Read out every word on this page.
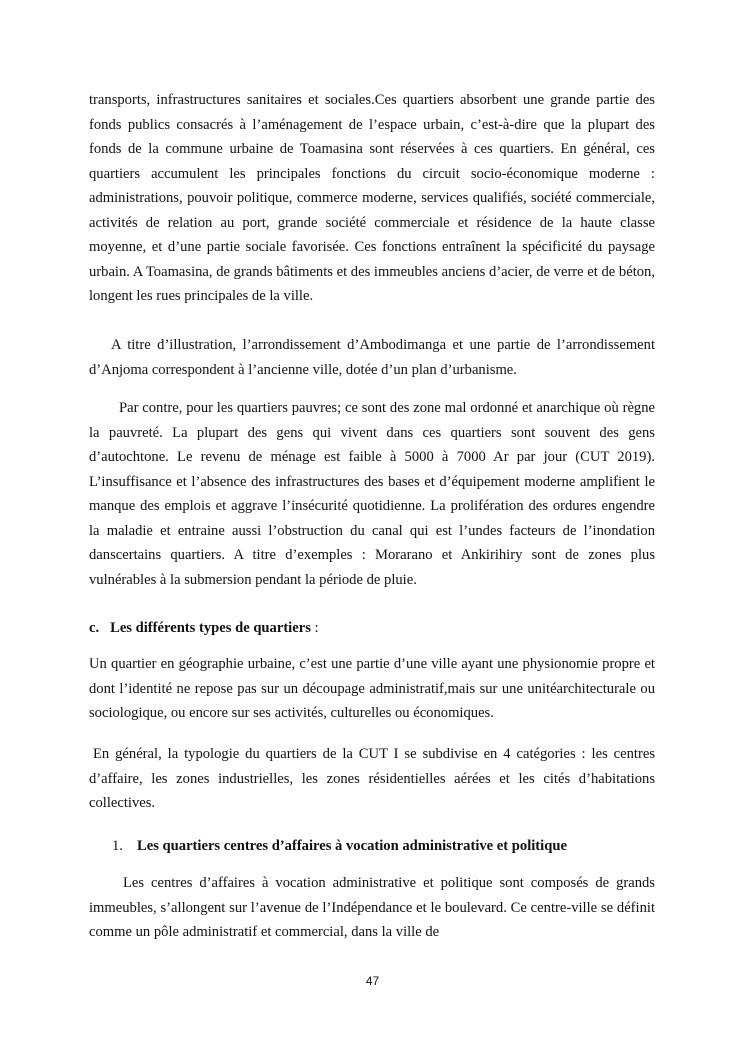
transports, infrastructures sanitaires et sociales.Ces quartiers absorbent une grande partie des fonds publics consacrés à l’aménagement de l’espace urbain, c’est-à-dire que la plupart des fonds de la commune urbaine de Toamasina sont réservées à ces quartiers. En général, ces quartiers accumulent les principales fonctions du circuit socio-économique moderne : administrations, pouvoir politique, commerce moderne, services qualifiés, société commerciale, activités de relation au port, grande société commerciale et résidence de la haute classe moyenne, et d’une partie sociale favorisée. Ces fonctions entraînent la spécificité du paysage urbain. A Toamasina, de grands bâtiments et des immeubles anciens d’acier, de verre et de béton, longent les rues principales de la ville.

A titre d’illustration, l’arrondissement d’Ambodimanga et une partie de l’arrondissement d’Anjoma correspondent à l’ancienne ville, dotée d’un plan d’urbanisme.

Par contre, pour les quartiers pauvres; ce sont des zone mal ordonné et anarchique où règne la pauvreté. La plupart des gens qui vivent dans ces quartiers sont souvent des gens d’autochtone. Le revenu de ménage est faible à 5000 à 7000 Ar par jour (CUT 2019). L’insuffisance et l’absence des infrastructures des bases et d’équipement moderne amplifient le manque des emplois et aggrave l’insécurité quotidienne. La prolifération des ordures engendre la maladie et entraine aussi l’obstruction du canal qui est l’undes facteurs de l’inondation danscertains quartiers. A titre d’exemples : Morarano et Ankirihiry sont de zones plus vulnérables à la submersion pendant la période de pluie.

c. Les différents types de quartiers :

Un quartier en géographie urbaine, c’est une partie d’une ville ayant une physionomie propre et dont l’identité ne repose pas sur un découpage administratif,mais sur une unitéarchitecturale ou sociologique, ou encore sur ses activités, culturelles ou économiques.

En général, la typologie du quartiers de la CUT I se subdivise en 4 catégories : les centres d’affaire, les zones industrielles, les zones résidentielles aérées et les cités d’habitations collectives.

1. Les quartiers centres d’affaires à vocation administrative et politique

Les centres d’affaires à vocation administrative et politique sont composés de grands immeubles, s’allongent sur l’avenue de l’Indépendance et le boulevard. Ce centre-ville se définit comme un pôle administratif et commercial, dans la ville de

47
